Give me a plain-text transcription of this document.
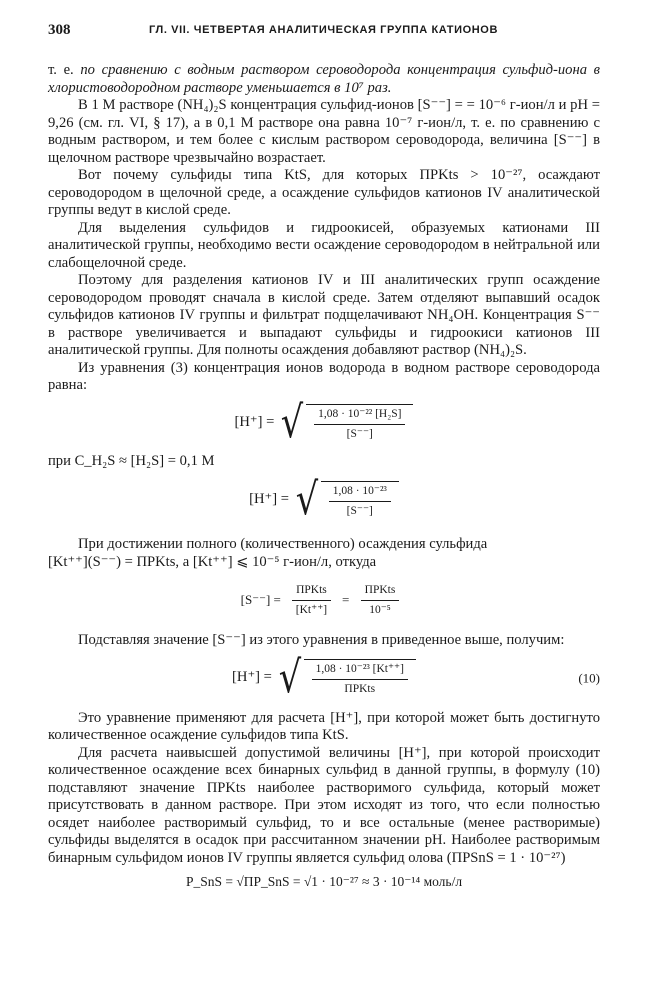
308	ГЛ. VII. ЧЕТВЕРТАЯ АНАЛИТИЧЕСКАЯ ГРУППА КАТИОНОВ

т. е. по сравнению с водным раствором сероводорода концентрация сульфид-иона в хлористоводородном растворе уменьшается в 10⁷ раз.

В 1 M растворе (NH₄)₂S концентрация сульфид-ионов [S⁻⁻] = = 10⁻⁶ г-ион/л и pH = 9,26 (см. гл. VI, § 17), а в 0,1 M растворе она равна 10⁻⁷ г-ион/л, т. е. по сравнению с водным раствором, и тем более с кислым раствором сероводорода, величина [S⁻⁻] в щелочном растворе чрезвычайно возрастает.

Вот почему сульфиды типа KtS, для которых ПРKts > 10⁻²⁷, осаждают сероводородом в щелочной среде, а осаждение сульфидов катионов IV аналитической группы ведут в кислой среде.

Для выделения сульфидов и гидроокисей, образуемых катионами III аналитической группы, необходимо вести осаждение сероводородом в нейтральной или слабощелочной среде.

Поэтому для разделения катионов IV и III аналитических групп осаждение сероводородом проводят сначала в кислой среде. Затем отделяют выпавший осадок сульфидов катионов IV группы и фильтрат подщелачивают NH₄OH. Концентрация S⁻⁻ в растворе увеличивается и выпадают сульфиды и гидроокиси катионов III аналитической группы. Для полноты осаждения добавляют раствор (NH₄)₂S.

Из уравнения (3) концентрация ионов водорода в водном растворе сероводорода равна:

[H⁺] = √ $\frac{\text{1,08 · 10⁻²² [H₂S]}}{[S^{--}]}$

при C_H₂S ≈ [H₂S] = 0,1 M

[H⁺] = √ $\frac{\text{1,08 · 10⁻²³}}{[S^{--}]}$

При достижении полного (количественного) осаждения сульфида

[Kt⁺⁺](S⁻⁻) = ПРKts, а [Kt⁺⁺] ⩽ 10⁻⁵ г-ион/л, откуда

$[S^{--}] = \frac{\text{ПРKts}}{[Kt^{++}]} = \frac{\text{ПРKts}}{\text{10⁻⁵}}$

Подставляя значение [S⁻⁻] из этого уравнения в приведенное выше, получим:

[H⁺] = √ $\frac{\text{1,08 · 10⁻²³ [Kt⁺⁺]}}{\text{ПРKts}}$	(10)

Это уравнение применяют для расчета [H⁺], при которой может быть достигнуто количественное осаждение сульфидов типа KtS.

Для расчета наивысшей допустимой величины [H⁺], при которой происходит количественное осаждение всех бинарных сульфид в данной группы, в формулу (10) подставляют значение ПРKts наиболее растворимого сульфида, который может присутствовать в данном растворе. При этом исходят из того, что если полностью осядет наиболее растворимый сульфид, то и все остальные (менее растворимые) сульфиды выделятся в осадок при рассчитанном значении pH. Наиболее растворимым бинарным сульфидом ионов IV группы является сульфид олова (ПРSnS = 1 · 10⁻²⁷)

P_SnS = √ПР_SnS = √1 · 10⁻²⁷ ≈ 3 · 10⁻¹⁴ моль/л
